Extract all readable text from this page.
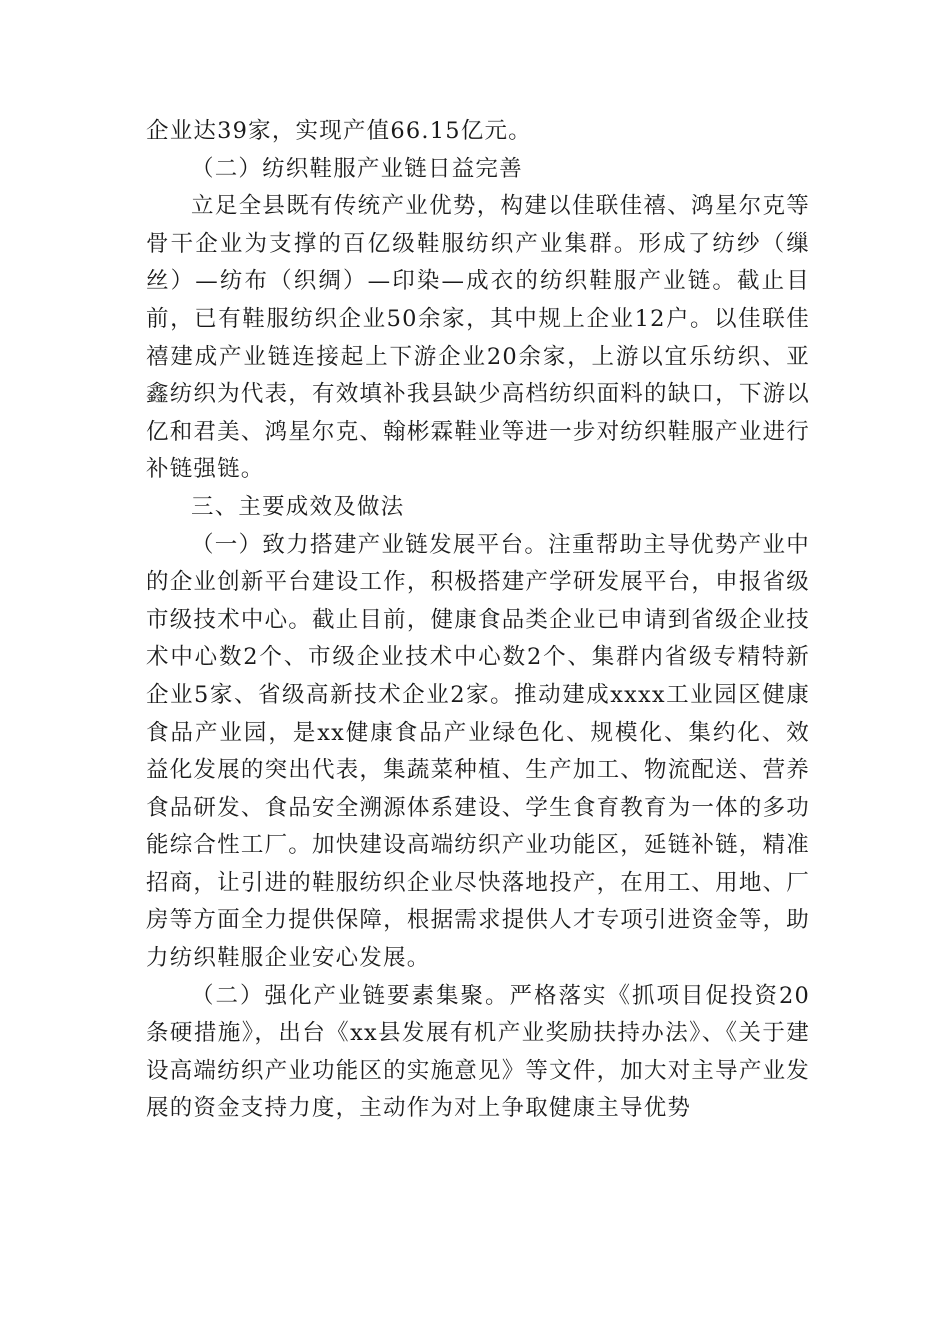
企业达39家，实现产值66.15亿元。

（二）纺织鞋服产业链日益完善

立足全县既有传统产业优势，构建以佳联佳禧、鸿星尔克等骨干企业为支撑的百亿级鞋服纺织产业集群。形成了纺纱（缫丝）—纺布（织绸）—印染—成衣的纺织鞋服产业链。截止目前，已有鞋服纺织企业50余家，其中规上企业12户。以佳联佳禧建成产业链连接起上下游企业20余家，上游以宜乐纺织、亚鑫纺织为代表，有效填补我县缺少高档纺织面料的缺口，下游以亿和君美、鸿星尔克、翰彬霖鞋业等进一步对纺织鞋服产业进行补链强链。

三、主要成效及做法

（一）致力搭建产业链发展平台。注重帮助主导优势产业中的企业创新平台建设工作，积极搭建产学研发展平台，申报省级市级技术中心。截止目前，健康食品类企业已申请到省级企业技术中心数2个、市级企业技术中心数2个、集群内省级专精特新企业5家、省级高新技术企业2家。推动建成xxxx工业园区健康食品产业园，是xx健康食品产业绿色化、规模化、集约化、效益化发展的突出代表，集蔬菜种植、生产加工、物流配送、营养食品研发、食品安全溯源体系建设、学生食育教育为一体的多功能综合性工厂。加快建设高端纺织产业功能区，延链补链，精准招商，让引进的鞋服纺织企业尽快落地投产，在用工、用地、厂房等方面全力提供保障，根据需求提供人才专项引进资金等，助力纺织鞋服企业安心发展。

（二）强化产业链要素集聚。严格落实《抓项目促投资20条硬措施》，出台《xx县发展有机产业奖励扶持办法》、《关于建设高端纺织产业功能区的实施意见》等文件，加大对主导产业发展的资金支持力度，主动作为对上争取健康主导优势
